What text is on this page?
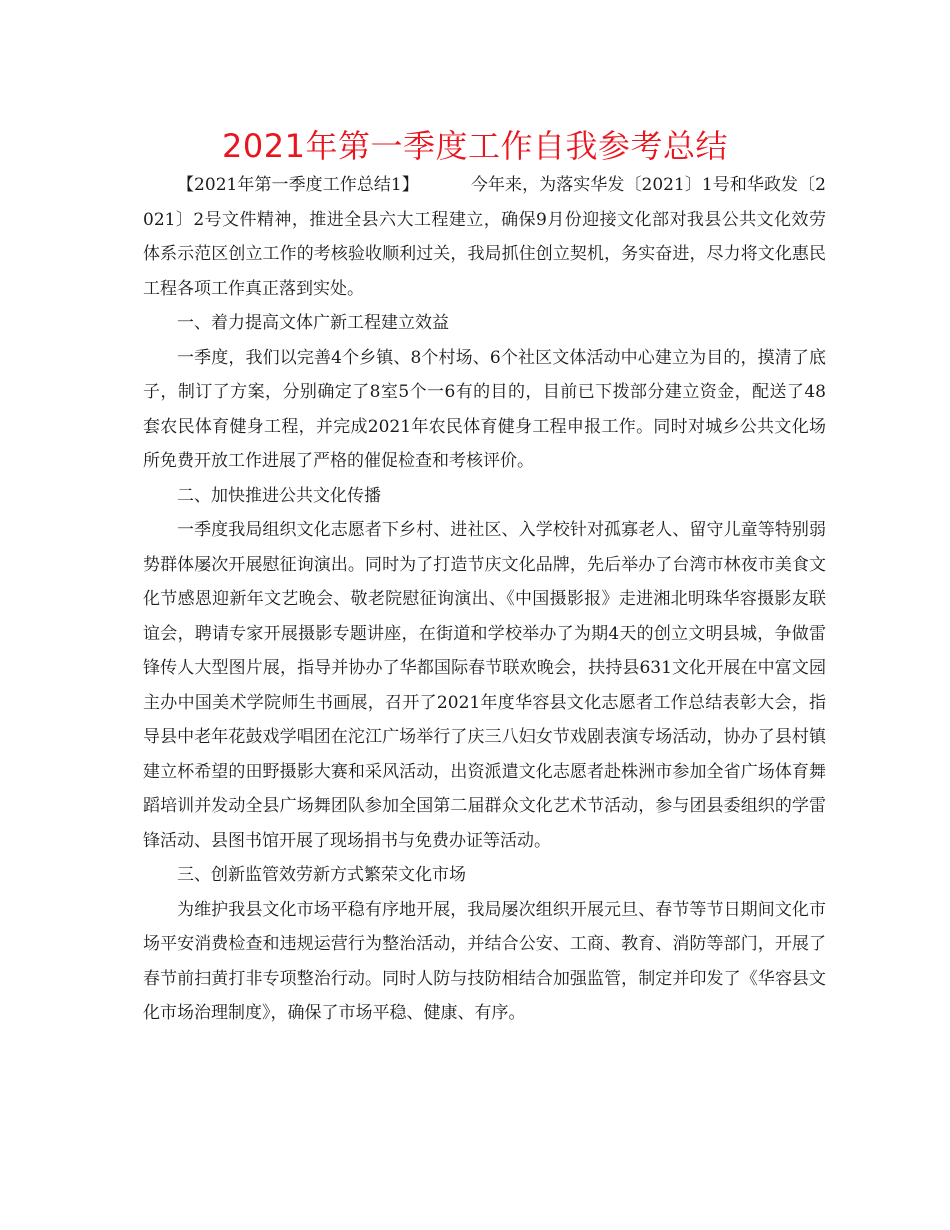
2021年第一季度工作自我参考总结

【2021年第一季度工作总结1】	今年来，为落实华发〔2021〕1号和华政发〔2021〕2号文件精神，推进全县六大工程建立，确保9月份迎接文化部对我县公共文化效劳体系示范区创立工作的考核验收顺利过关，我局抓住创立契机，务实奋进，尽力将文化惠民工程各项工作真正落到实处。

一、着力提高文体广新工程建立效益

一季度，我们以完善4个乡镇、8个村场、6个社区文体活动中心建立为目的，摸清了底子，制订了方案，分别确定了8室5个一6有的目的，目前已下拨部分建立资金，配送了48套农民体育健身工程，并完成2021年农民体育健身工程申报工作。同时对城乡公共文化场所免费开放工作进展了严格的催促检查和考核评价。

二、加快推进公共文化传播

一季度我局组织文化志愿者下乡村、进社区、入学校针对孤寡老人、留守儿童等特别弱势群体屡次开展慰征询演出。同时为了打造节庆文化品牌，先后举办了台湾市林夜市美食文化节感恩迎新年文艺晚会、敬老院慰征询演出、《中国摄影报》走进湘北明珠华容摄影友联谊会，聘请专家开展摄影专题讲座，在街道和学校举办了为期4天的创立文明县城，争做雷锋传人大型图片展，指导并协办了华都国际春节联欢晚会，扶持县631文化开展在中富文园主办中国美术学院师生书画展，召开了2021年度华容县文化志愿者工作总结表彰大会，指导县中老年花鼓戏学唱团在沱江广场举行了庆三八妇女节戏剧表演专场活动，协办了县村镇建立杯希望的田野摄影大赛和采风活动，出资派遣文化志愿者赴株洲市参加全省广场体育舞蹈培训并发动全县广场舞团队参加全国第二届群众文化艺术节活动，参与团县委组织的学雷锋活动、县图书馆开展了现场捐书与免费办证等活动。

三、创新监管效劳新方式繁荣文化市场

为维护我县文化市场平稳有序地开展，我局屡次组织开展元旦、春节等节日期间文化市场平安消费检查和违规运营行为整治活动，并结合公安、工商、教育、消防等部门，开展了春节前扫黄打非专项整治行动。同时人防与技防相结合加强监管，制定并印发了《华容县文化市场治理制度》，确保了市场平稳、健康、有序。
